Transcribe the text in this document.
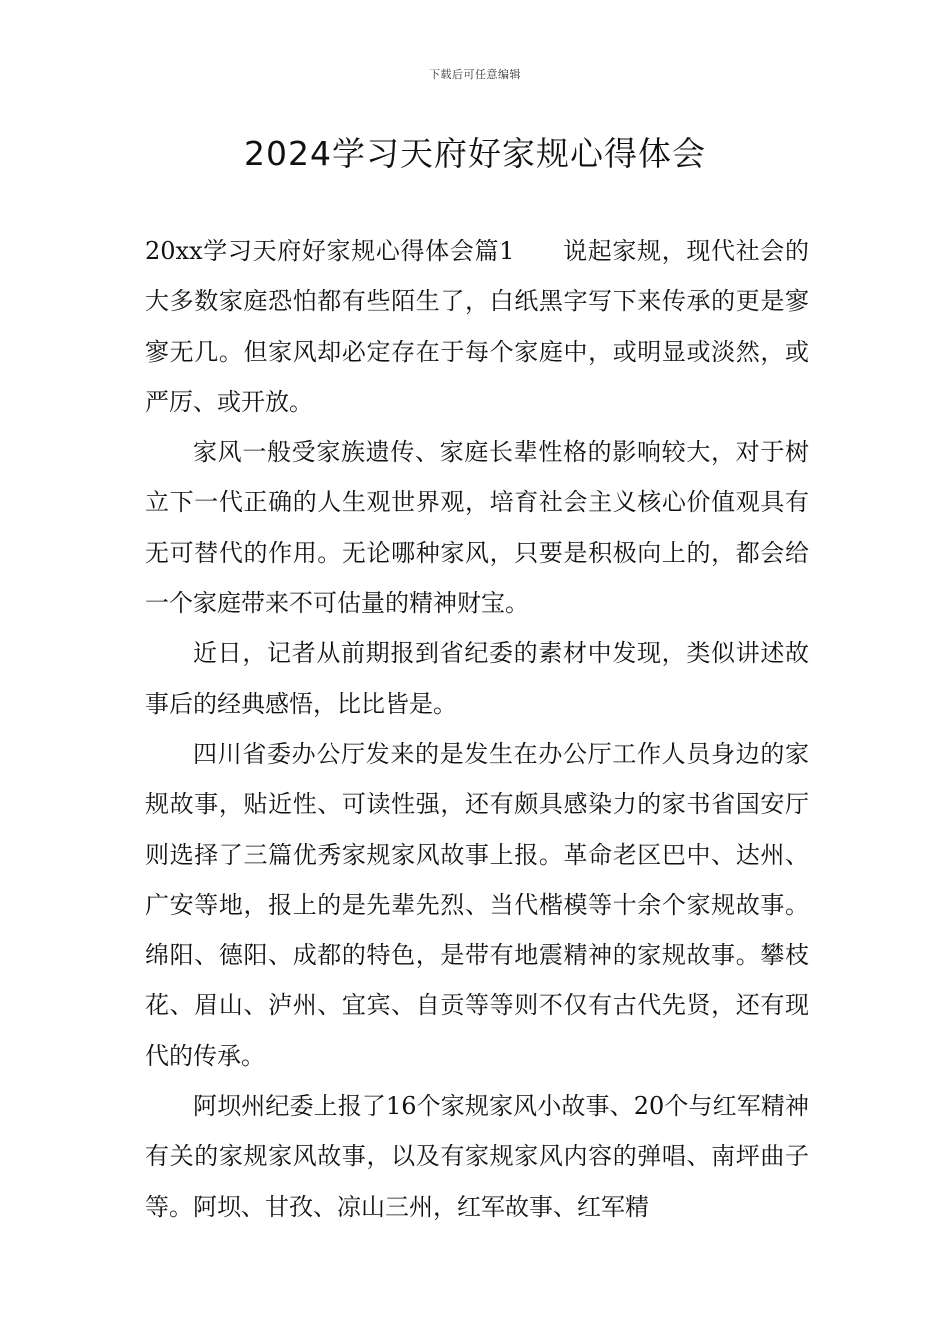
下载后可任意编辑
2024学习天府好家规心得体会

20xx学习天府好家规心得体会篇1 说起家规，现代社会的大多数家庭恐怕都有些陌生了，白纸黑字写下来传承的更是寥寥无几。但家风却必定存在于每个家庭中，或明显或淡然，或严厉、或开放。

家风一般受家族遗传、家庭长辈性格的影响较大，对于树立下一代正确的人生观世界观，培育社会主义核心价值观具有无可替代的作用。无论哪种家风，只要是积极向上的，都会给一个家庭带来不可估量的精神财宝。

近日，记者从前期报到省纪委的素材中发现，类似讲述故事后的经典感悟，比比皆是。

四川省委办公厅发来的是发生在办公厅工作人员身边的家规故事，贴近性、可读性强，还有颇具感染力的家书省国安厅则选择了三篇优秀家规家风故事上报。革命老区巴中、达州、广安等地，报上的是先辈先烈、当代楷模等十余个家规故事。绵阳、德阳、成都的特色，是带有地震精神的家规故事。攀枝花、眉山、泸州、宜宾、自贡等等则不仅有古代先贤，还有现代的传承。

阿坝州纪委上报了16个家规家风小故事、20个与红军精神有关的家规家风故事，以及有家规家风内容的弹唱、南坪曲子等。阿坝、甘孜、凉山三州，红军故事、红军精
